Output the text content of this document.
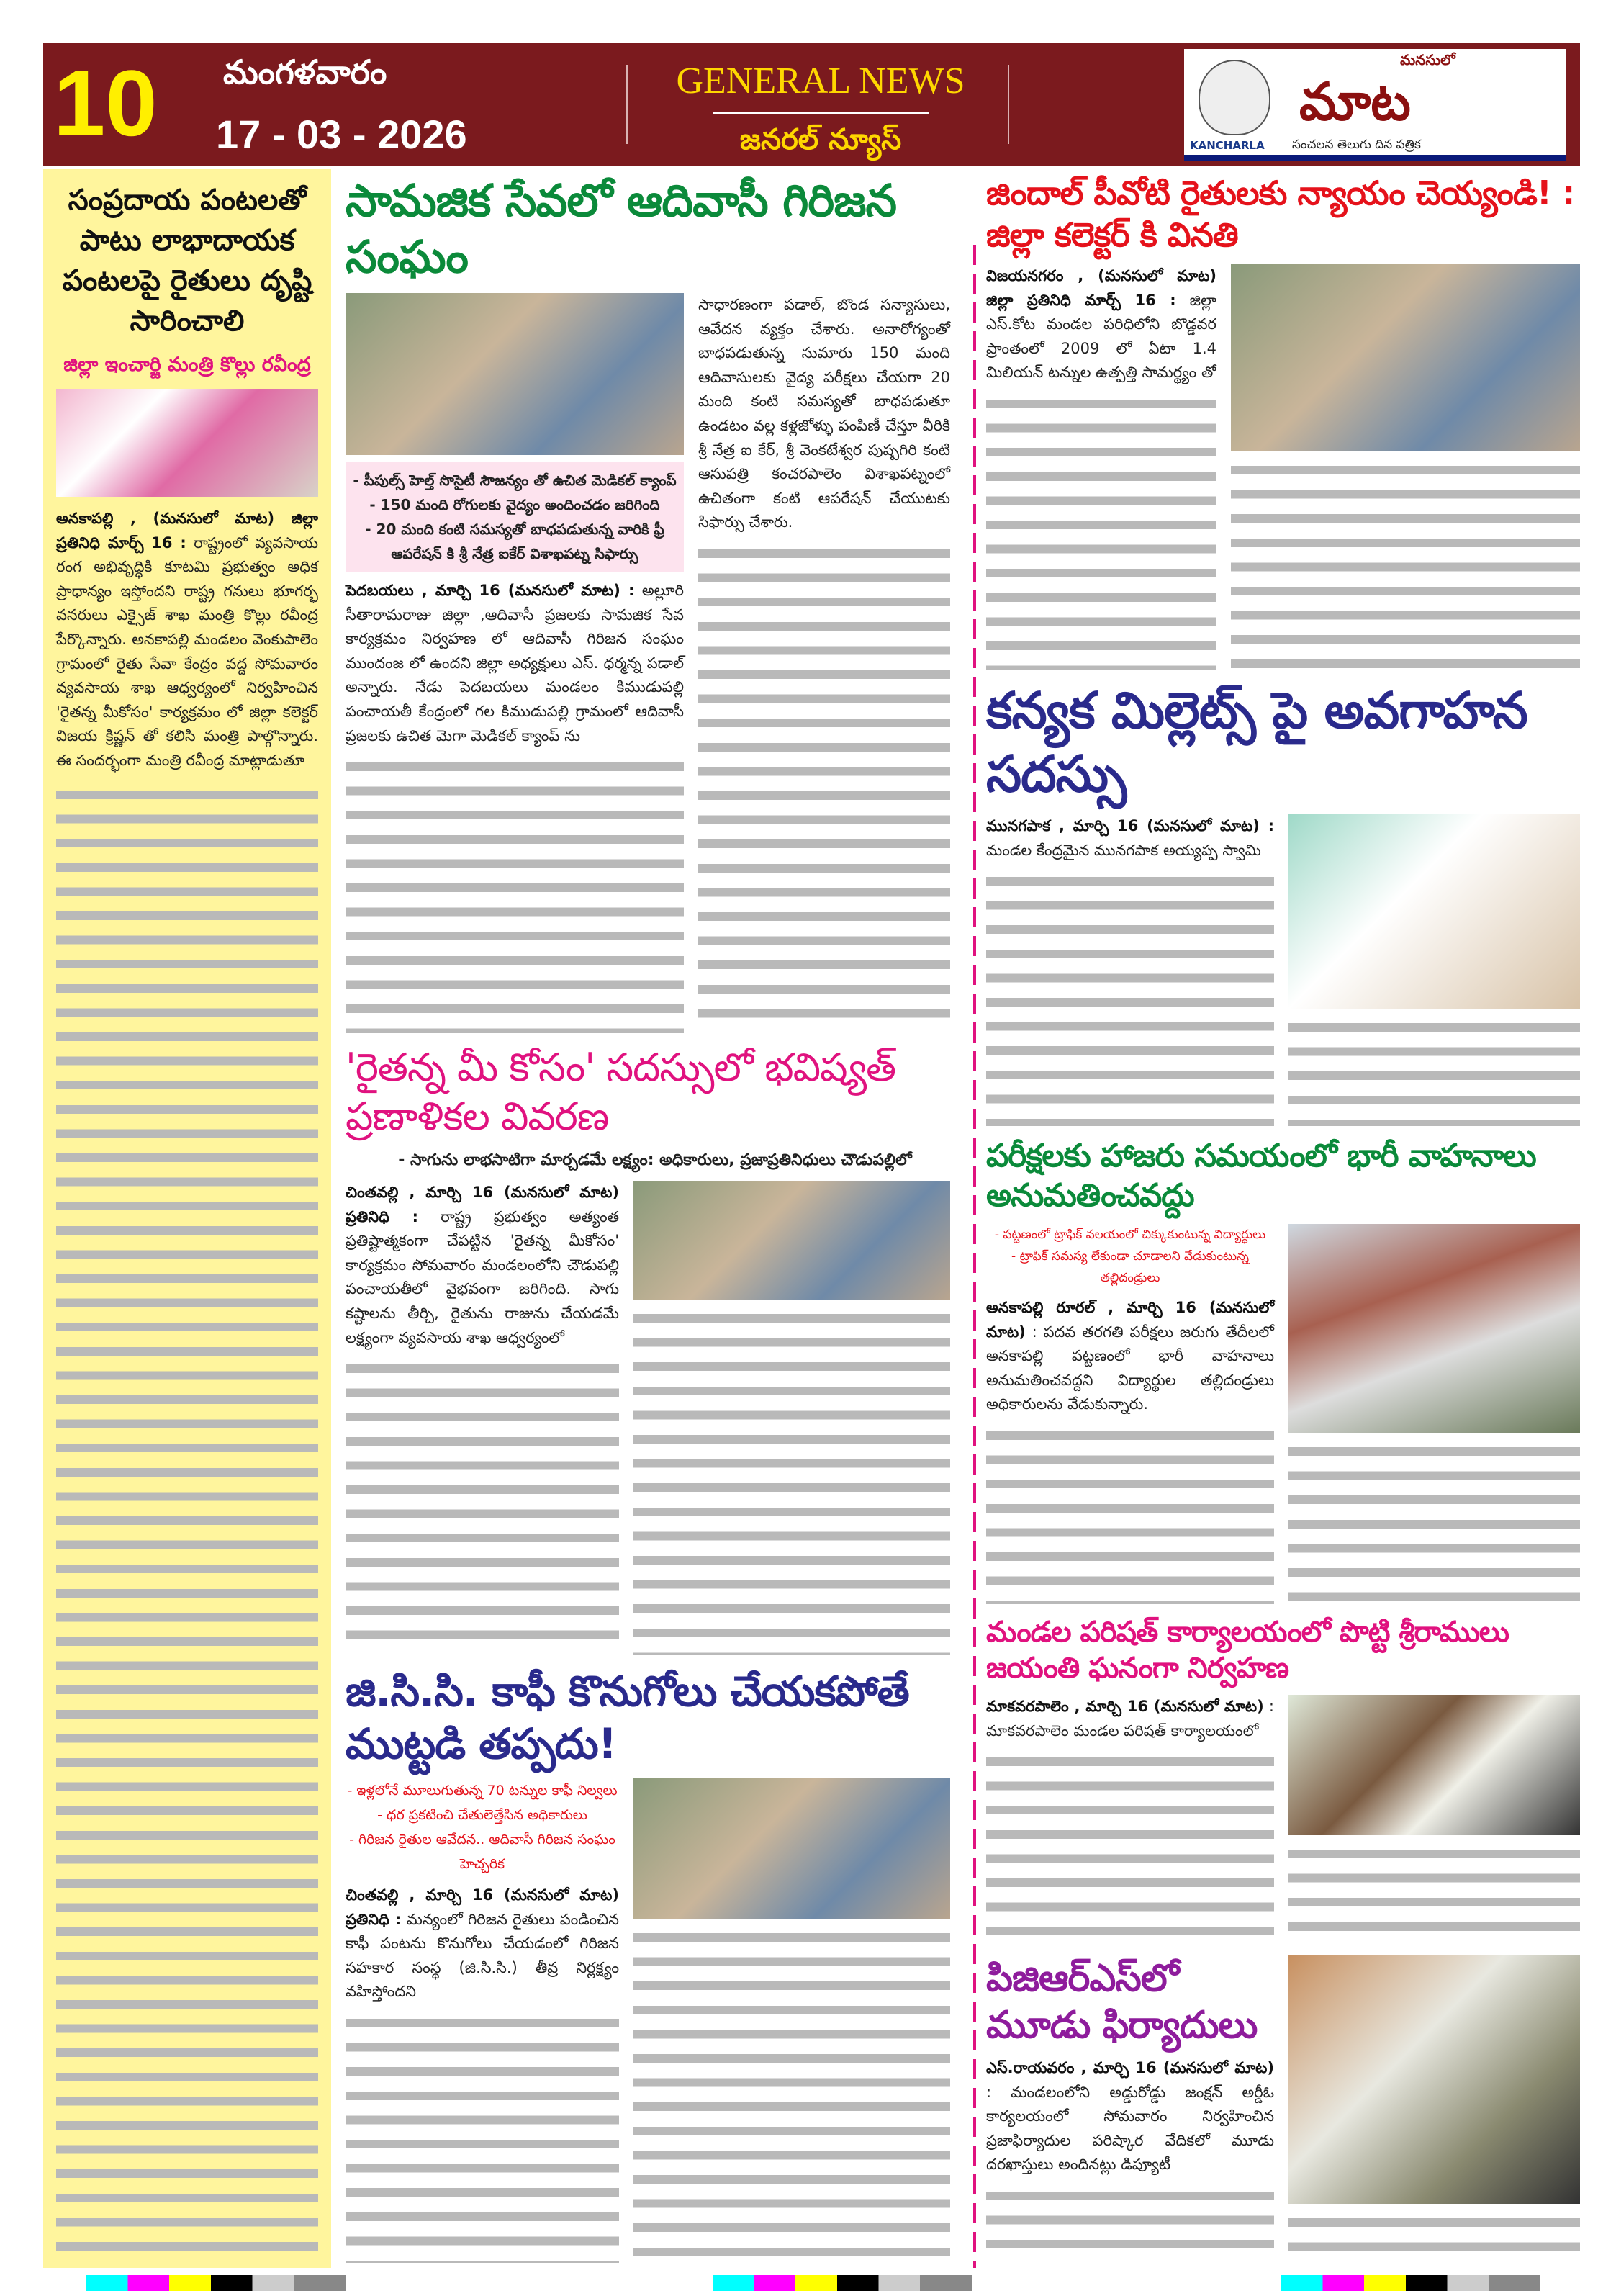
10 మంగళవారం
17 - 03 - 2026
GENERAL NEWS
జనరల్ న్యూస్
మనసులో
మాట
KANCHARLA సంచలన తెలుగు దిన పత్రిక
సంప్రదాయ పంటలతో పాటు లాభాదాయక పంటలపై రైతులు దృష్టి సారించాలి
జిల్లా ఇంచార్జి మంత్రి కొల్లు రవీంద్ర
అనకాపల్లి , (మనసులో మాట) జిల్లా ప్రతినిధి మార్చ్ 16 : రాష్ట్రంలో వ్యవసాయ రంగ అభివృద్ధికి కూటమి ప్రభుత్వం అధిక ప్రాధాన్యం ఇస్తోందని రాష్ట్ర గనులు భూగర్భ వనరులు ఎక్సైజ్ శాఖ మంత్రి కొల్లు రవీంద్ర పేర్కొన్నారు. అనకాపల్లి మండలం వెంకుపాలెం గ్రామంలో రైతు సేవా కేంద్రం వద్ద సోమవారం వ్యవసాయ శాఖ ఆధ్వర్యంలో నిర్వహించిన 'రైతన్న మీకోసం' కార్యక్రమం లో జిల్లా కలెక్టర్ విజయ క్రిష్ణన్ తో కలిసి మంత్రి పాల్గొన్నారు. ఈ సందర్భంగా మంత్రి రవీంద్ర మాట్లాడుతూ
సామజిక సేవలో ఆదివాసీ గిరిజన సంఘం
- పీపుల్స్ హెల్త్ సొసైటీ సౌజన్యం తో ఉచిత మెడికల్ క్యాంప్
- 150 మంది రోగులకు వైద్యం అందించడం జరిగింది
- 20 మంది కంటి సమస్యతో బాధపడుతున్న వారికి ఫ్రీ ఆపరేషన్ కి శ్రీ నేత్ర ఐకేర్ విశాఖపట్న సిఫార్సు
పెదబయలు , మార్చి 16 (మనసులో మాట) : అల్లూరి సీతారామరాజు జిల్లా ,ఆదివాసీ ప్రజలకు సామజిక సేవ కార్యక్రమం నిర్వహణ లో ఆదివాసీ గిరిజన సంఘం ముందంజ లో ఉందని జిల్లా అధ్యక్షులు ఎస్. ధర్మన్న పడాల్ అన్నారు. నేడు పెదబయలు మండలం కిముడుపల్లి పంచాయతీ కేంద్రంలో గల కిముడుపల్లి గ్రామంలో ఆదివాసీ ప్రజలకు ఉచిత మెగా మెడికల్ క్యాంప్ ను
సాధారణంగా పడాల్, బొండ సన్యాసులు, ఆవేదన వ్యక్తం చేశారు. అనారోగ్యంతో బాధపడుతున్న సుమారు 150 మంది ఆదివాసులకు వైద్య పరీక్షలు చేయగా 20 మంది కంటి సమస్యతో బాధపడుతూ ఉండటం వల్ల కళ్లజోళ్ళు పంపిణీ చేస్తూ వీరికి శ్రీ నేత్ర ఐ కేర్, శ్రీ వెంకటేశ్వర పుష్పగిరి కంటి ఆసుపత్రి కంచరపాలెం విశాఖపట్నంలో ఉచితంగా కంటి ఆపరేషన్ చేయుటకు సిఫార్సు చేశారు.
'రైతన్న మీ కోసం' సదస్సులో భవిష్యత్ ప్రణాళికల వివరణ
- సాగును లాభసాటిగా మార్చడమే లక్ష్యం: అధికారులు, ప్రజాప్రతినిధులు చౌడుపల్లిలో
చింతవల్లి , మార్చి 16 (మనసులో మాట) ప్రతినిధి : రాష్ట్ర ప్రభుత్వం అత్యంత ప్రతిష్టాత్మకంగా చేపట్టిన 'రైతన్న మీకోసం' కార్యక్రమం సోమవారం మండలంలోని చౌడుపల్లి పంచాయతీలో వైభవంగా జరిగింది. సాగు కష్టాలను తీర్చి, రైతును రాజును చేయడమే లక్ష్యంగా వ్యవసాయ శాఖ ఆధ్వర్యంలో
జి.సి.సి. కాఫీ కొనుగోలు చేయకపోతే ముట్టడి తప్పదు!
- ఇళ్లలోనే మూలుగుతున్న 70 టన్నుల కాఫీ నిల్వలు
- ధర ప్రకటించి చేతులెత్తేసిన అధికారులు
- గిరిజన రైతుల ఆవేదన.. ఆదివాసీ గిరిజన సంఘం హెచ్చరిక
చింతవల్లి , మార్చి 16 (మనసులో మాట) ప్రతినిధి : మన్యంలో గిరిజన రైతులు పండించిన కాఫీ పంటను కొనుగోలు చేయడంలో గిరిజన సహకార సంస్థ (జి.సి.సి.) తీవ్ర నిర్లక్ష్యం వహిస్తోందని
జిందాల్ పీవోటి రైతులకు న్యాయం చెయ్యండి! : జిల్లా కలెక్టర్ కి వినతి
విజయనగరం , (మనసులో మాట) జిల్లా ప్రతినిధి మార్చ్ 16 : జిల్లా ఎస్.కోట మండల పరిధిలోని బొడ్డవర ప్రాంతంలో 2009 లో ఏటా 1.4 మిలియన్ టన్నుల ఉత్పత్తి సామర్థ్యం తో
కన్యక మిల్లెట్స్ పై అవగాహన సదస్సు
మునగపాక , మార్చి 16 (మనసులో మాట) : మండల కేంద్రమైన మునగపాక అయ్యప్ప స్వామి
పరీక్షలకు హాజరు సమయంలో భారీ వాహనాలు అనుమతించవద్దు
- పట్టణంలో ట్రాఫిక్ వలయంలో చిక్కుకుంటున్న విద్యార్థులు
- ట్రాఫిక్ సమస్య లేకుండా చూడాలని వేడుకుంటున్న తల్లిదండ్రులు
అనకాపల్లి రూరల్ , మార్చి 16 (మనసులో మాట) : పదవ తరగతి పరీక్షలు జరుగు తేదీలలో అనకాపల్లి పట్టణంలో భారీ వాహనాలు అనుమతించవద్దని విద్యార్థుల తల్లిదండ్రులు అధికారులను వేడుకున్నారు.
మండల పరిషత్ కార్యాలయంలో పొట్టి శ్రీరాములు జయంతి ఘనంగా నిర్వహణ
మాకవరపాలెం , మార్చి 16 (మనసులో మాట) : మాకవరపాలెం మండల పరిషత్ కార్యాలయంలో
పిజిఆర్ఎస్‌లో మూడు ఫిర్యాదులు
ఎస్.రాయవరం , మార్చి 16 (మనసులో మాట) : మండలంలోని అడ్డురోడ్డు జంక్షన్ అర్డీఓ కార్యలయంలో సోమవారం నిర్వహించిన ప్రజాఫిర్యాదుల పరిష్కార వేదికలో మూడు దరఖాస్తులు అందినట్లు డిప్యూటీ
